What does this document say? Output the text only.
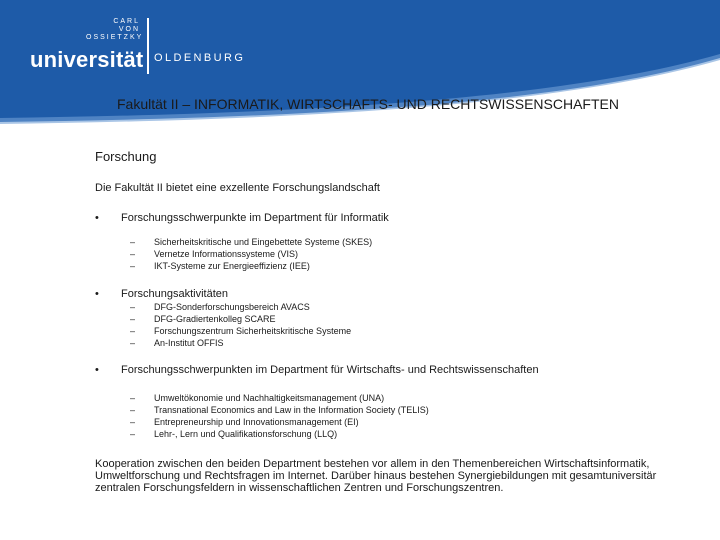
CARL
VON
OSSIETZKY
universität OLDENBURG
Fakultät II – INFORMATIK, WIRTSCHAFTS- UND RECHTSWISSENSCHAFTEN
Forschung
Die Fakultät II bietet eine exzellente Forschungslandschaft
• Forschungsschwerpunkte im Department für Informatik
– Sicherheitskritische und Eingebettete Systeme (SKES)
– Vernetze Informationssysteme (VIS)
– IKT-Systeme zur Energieeffizienz (IEE)
• Forschungsaktivitäten
– DFG-Sonderforschungsbereich AVACS
– DFG-Gradiertenkolleg SCARE
– Forschungszentrum Sicherheitskritische Systeme
– An-Institut OFFIS
• Forschungsschwerpunkten im Department für Wirtschafts- und Rechtswissenschaften
– Umweltökonomie und Nachhaltigkeitsmanagement (UNA)
– Transnational Economics and Law in the Information Society (TELIS)
– Entrepreneurship und Innovationsmanagement (EI)
– Lehr-, Lern und Qualifikationsforschung (LLQ)
Kooperation zwischen den beiden Department bestehen vor allem in den Themenbereichen Wirtschaftsinformatik, Umweltforschung und Rechtsfragen im Internet. Darüber hinaus bestehen Synergiebildungen mit gesamtuniversitär zentralen Forschungsfeldern in wissenschaftlichen Zentren und Forschungszentren.
